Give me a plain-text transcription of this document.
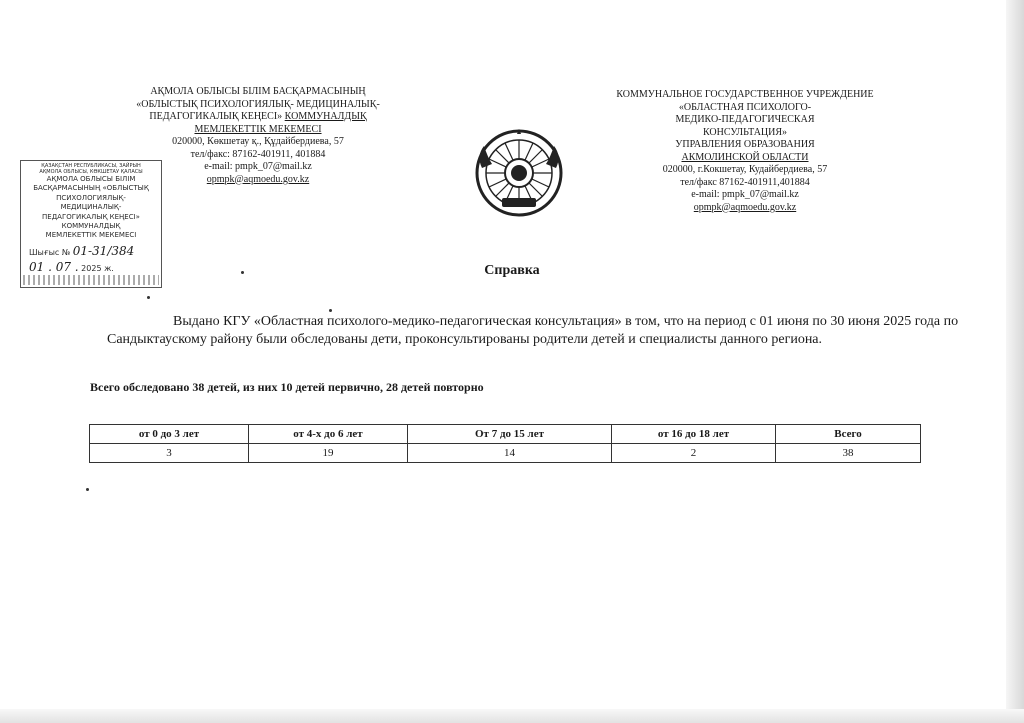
АҚМОЛА ОБЛЫСЫ БІЛІМ БАСҚАРМАСЫНЫҢ
«ОБЛЫСТЫҚ ПСИХОЛОГИЯЛЫҚ- МЕДИЦИНАЛЫҚ-
ПЕДАГОГИКАЛЫҚ КЕҢЕСІ» КОММУНАЛДЫҚ
МЕМЛЕКЕТТІК МЕКЕМЕСІ
020000, Көкшетау қ., Құдайбердиева, 57
тел/факс: 87162-401911, 401884
e-mail: pmpk_07@mail.kz
opmpk@aqmoedu.gov.kz
КОММУНАЛЬНОЕ ГОСУДАРСТВЕННОЕ УЧРЕЖДЕНИЕ
«ОБЛАСТНАЯ ПСИХОЛОГО-
МЕДИКО-ПЕДАГОГИЧЕСКАЯ
КОНСУЛЬТАЦИЯ»
УПРАВЛЕНИЯ ОБРАЗОВАНИЯ
АКМОЛИНСКОЙ ОБЛАСТИ
020000, г.Кокшетау, Кудайбердиева, 57
тел/факс 87162-401911,401884
e-mail: pmpk_07@mail.kz
opmpk@aqmoedu.gov.kz
ҚАЗАҚСТАН РЕСПУБЛИКАСЫ, ЗАЙРЫН
АҚМОЛА ОБЛЫСЫ, КӨКШЕТАУ ҚАЛАСЫ
АҚМОЛА ОБЛЫСЫ БІЛІМ
БАСҚАРМАСЫНЫҢ «ОБЛЫСТЫҚ
ПСИХОЛОГИЯЛЫҚ-
МЕДИЦИНАЛЫҚ-
ПЕДАГОГИКАЛЫҚ КЕҢЕСІ»
КОММУНАЛДЫҚ
МЕМЛЕКЕТТІК МЕКЕМЕСІ
Шығыс № 01-31/384
01 . 07 . 2025 ж.	Справка
Выдано КГУ «Областная психолого-медико-педагогическая консультация» в том, что на период с 01 июня по 30 июня 2025 года по Сандыктаускому району были обследованы дети, проконсультированы родители детей и специалисты данного региона.
Всего обследовано 38 детей, из них 10 детей первично, 28 детей повторно
от 0 до 3 лет	от 4-х до 6 лет	От 7 до 15 лет	от 16 до 18 лет	Всего
3	19	14	2	38
